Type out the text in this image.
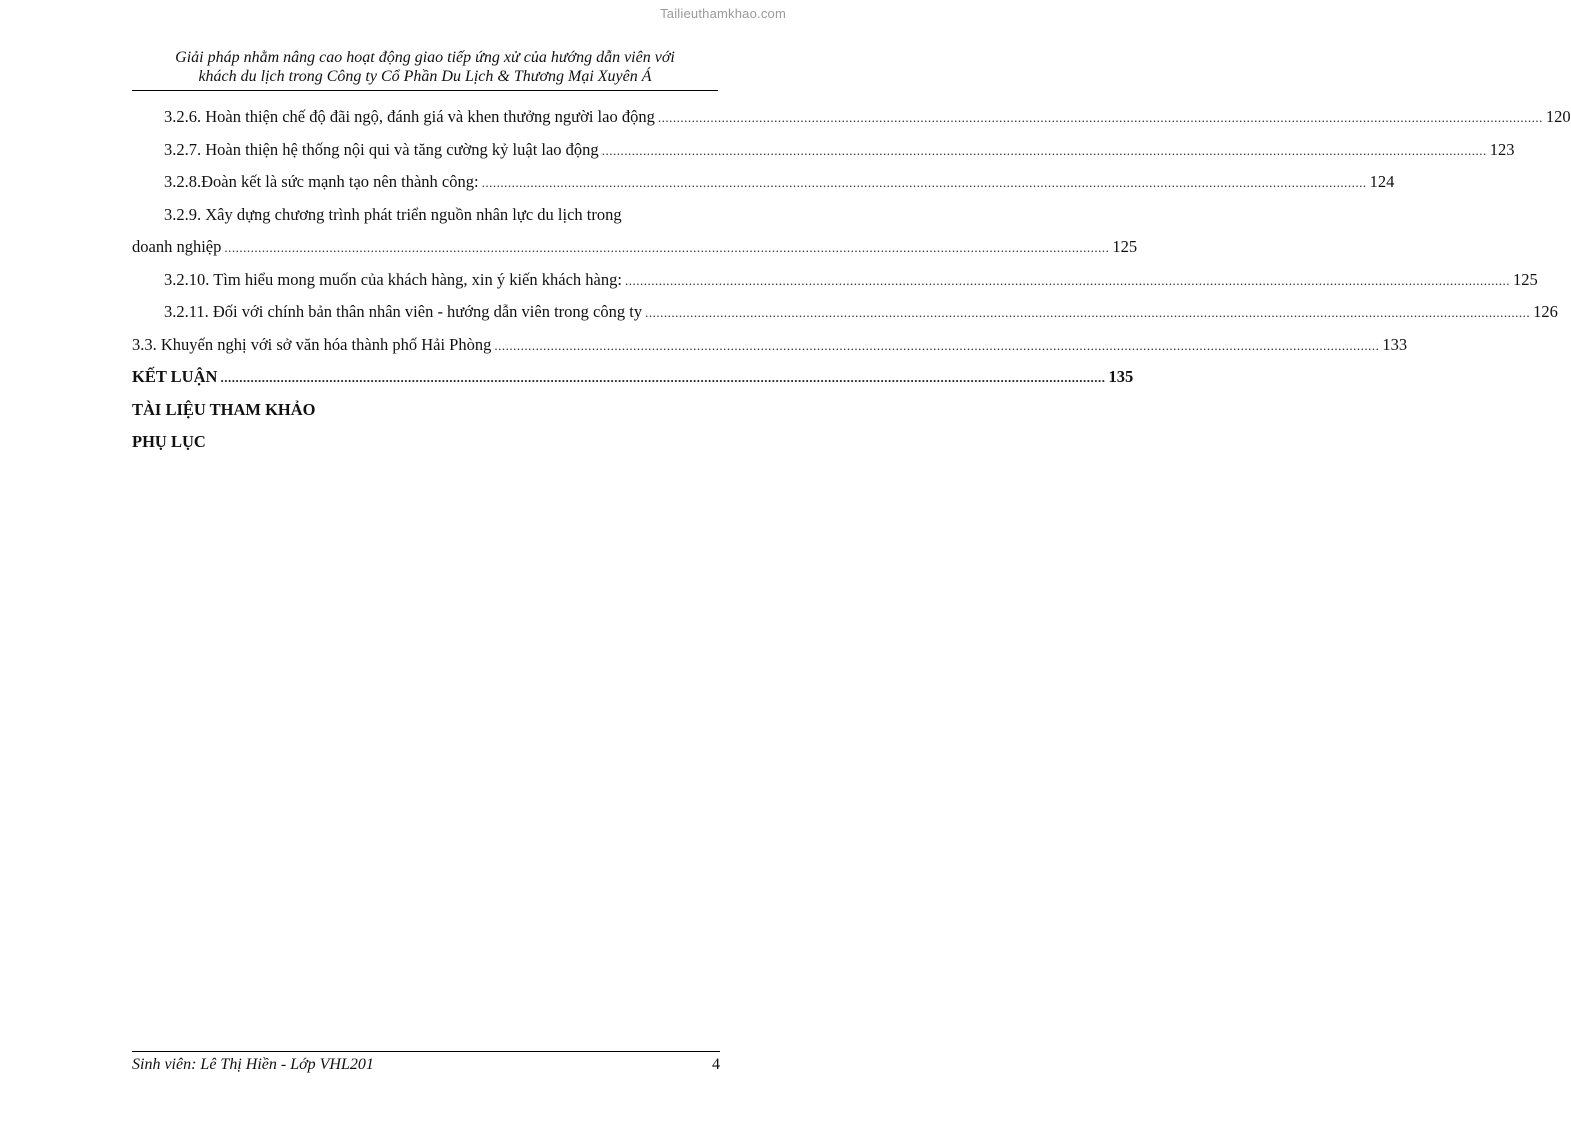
Tailieuthamkhao.com
Giải pháp nhằm nâng cao hoạt động giao tiếp ứng xử của hướng dẫn viên với
khách du lịch trong Công ty Cổ Phần Du Lịch & Thương Mại Xuyên Á
3.2.6. Hoàn thiện chế độ đãi ngộ, đánh giá và khen thưởng người lao động .....	120
3.2.7. Hoàn thiện hệ thống nội qui và tăng cường kỷ luật lao động .....	123
3.2.8.Đoàn kết là sức mạnh tạo nên thành công: .....	124
3.2.9. Xây dựng chương trình phát triển nguồn nhân lực du lịch trong
doanh nghiệp .....	125
3.2.10. Tìm hiểu mong muốn của khách hàng, xin ý kiến khách hàng: .....	125
3.2.11. Đối với chính bản thân nhân viên - hướng dẫn viên trong công ty .....	126
3.3. Khuyến nghị với sở văn hóa thành phố Hải Phòng .....	133
KẾT LUẬN .....	135
TÀI LIỆU THAM KHẢO
PHỤ LỤC
Sinh viên: Lê Thị Hiền - Lớp VHL201	4
